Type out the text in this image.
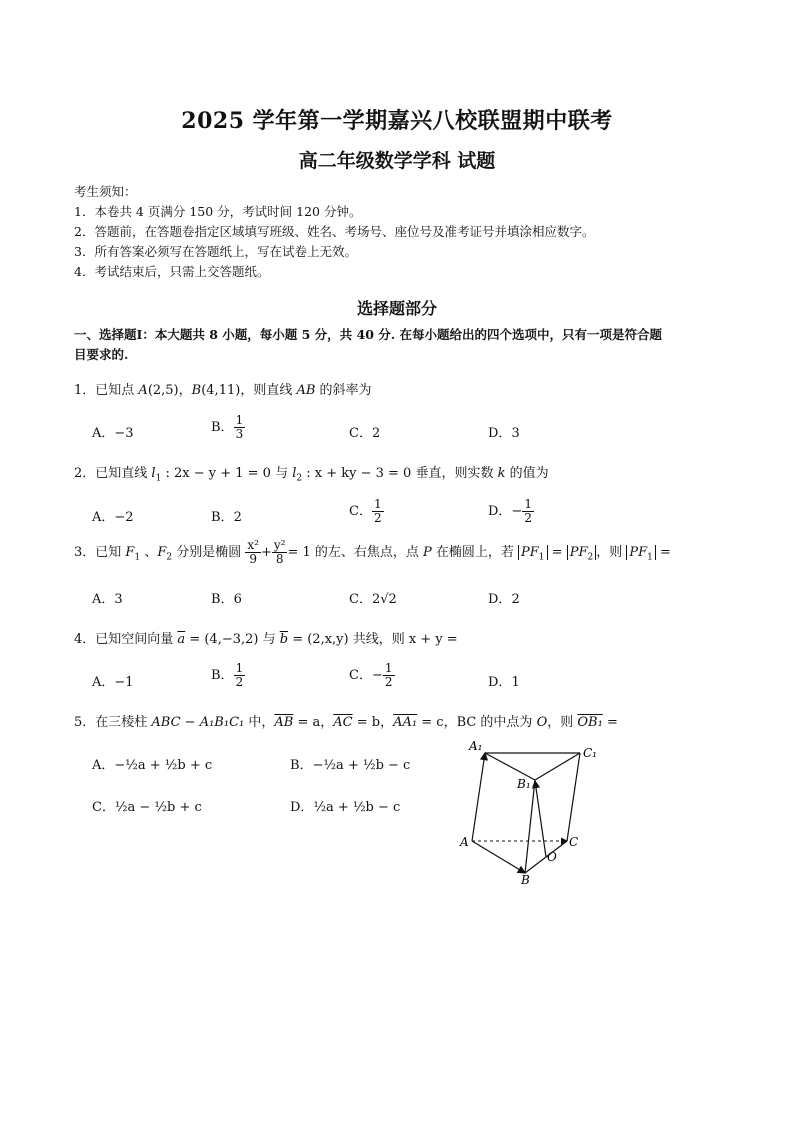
2025 学年第一学期嘉兴八校联盟期中联考
高二年级数学学科 试题
考生须知：
1．本卷共 4 页满分 150 分，考试时间 120 分钟。
2．答题前，在答题卷指定区域填写班级、姓名、考场号、座位号及准考证号并填涂相应数字。
3．所有答案必须写在答题纸上，写在试卷上无效。
4．考试结束后，只需上交答题纸。
选择题部分
一、选择题Ⅰ：本大题共 8 小题，每小题 5 分，共 40 分. 在每小题给出的四个选项中，只有一项是符合题
目要求的.
1．已知点 A(2,5)，B(4,11)，则直线 AB 的斜率为
A．−3	B． $\frac{1}{3}$	C．2	D．3
2．已知直线 $l_1$ : 2x − y + 1 = 0 与 $l_2$ : x + ky − 3 = 0 垂直，则实数 k 的值为
A．−2	B．2	C． $\frac{1}{2}$	D．− $\frac{1}{2}$
3．已知 $F_1$ 、$F_2$ 分别是椭圆 $\frac{\text{x²}}{9} + \frac{\text{y²}}{8} = 1$ 的左、右焦点，点 P 在椭圆上，若 $PF_1 = PF_2$ ，则 $PF_1$ =
A．3	B．6	C．2√2	D．2
4．已知空间向量 $\overline{a} = (4,-3,2)$ 与 $\overline{b} = (2,x,y)$ 共线，则 x + y =
A．−1	B． $\frac{1}{2}$	C．− $\frac{1}{2}$	D．1
5．在三棱柱 ABC − A₁B₁C₁ 中，$\overline{AB} = a$，$\overline{AC} = b$，AA₁ = c，BC 的中点为 O，则 OB₁ =
A．−½a + ½b + c	B．−½a + ½b − c
C．½a − ½b + c	D．½a + ½b − c
A₁	C₁
B₁
A	C
O
B
